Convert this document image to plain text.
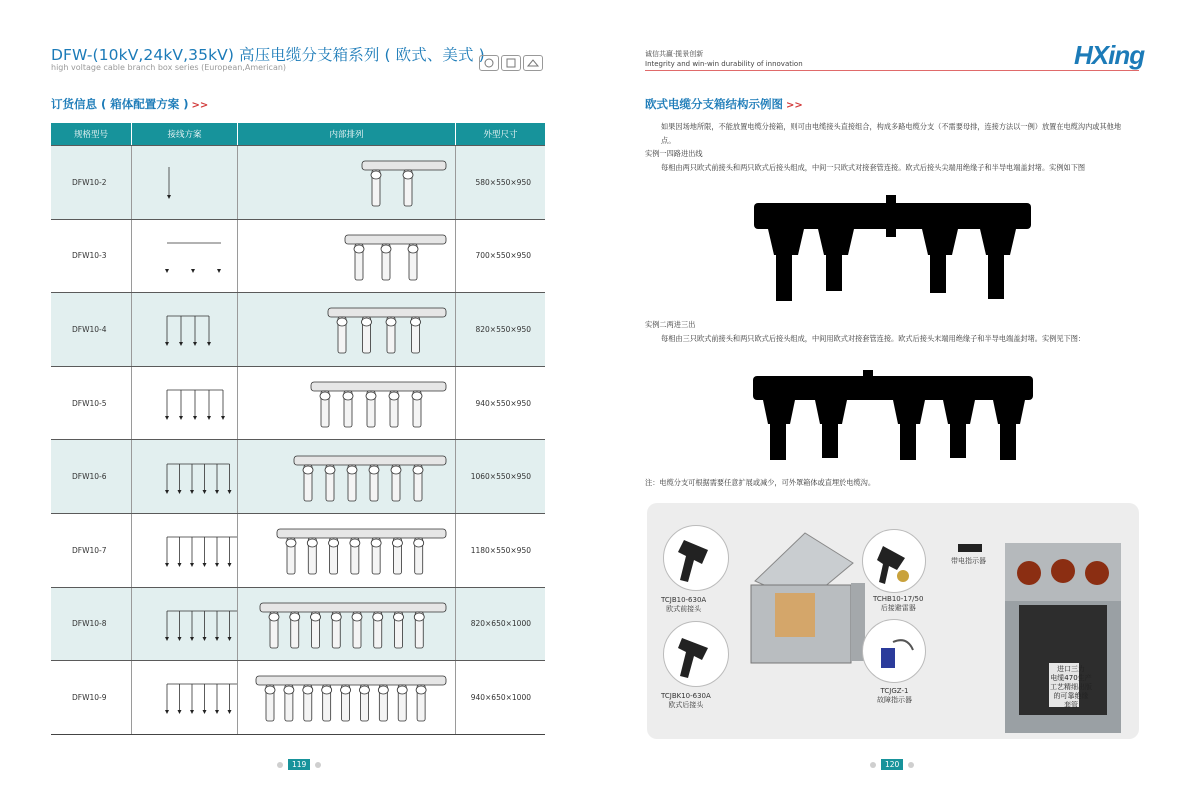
DFW-(10kV,24kV,35kV) 高压电缆分支箱系列 ( 欧式、美式 )
high voltage cable branch box series (European,American)
订货信息 ( 箱体配置方案 ) >>
规格型号	接线方案	内部排列	外型尺寸
DFW10-2	580×550×950
DFW10-3	700×550×950
DFW10-4	820×550×950
DFW10-5	940×550×950
DFW10-6	1060×550×950
DFW10-7	1180×550×950
DFW10-8	820×650×1000
DFW10-9	940×650×1000
119
诚信共赢·揽景创新
Integrity and win-win durability of innovation	HXing
欧式电缆分支箱结构示例图 >>
如果因场地所限，不能放置电缆分接箱，则可由电缆接头直接组合，构成多路电缆分支（不需要母排，连接方法以一例）放置在电缆沟内或其他地点。
实例一四路进出线
每相由两只欧式前接头和两只欧式后接头组成，中间一只欧式对接套管连接。欧式后接头尖端用绝缘子和半导电端盖封堵。实例如下图
实例二两进三出
每相由三只欧式前接头和两只欧式后接头组成，中间用欧式对接套管连接。欧式后接头末端用绝缘子和半导电端盖封堵。实例见下图：
注：电缆分支可根据需要任意扩展或减少，可外罩箱体或直埋於电缆沟。
TCJB10-630A
欧式前接头
TCJBK10-630A
欧式后接头
TCHB10-17/50
后接避雷器
TCJGZ-1
故障指示器
带电指示器
进口三力
电缆470生产
工艺精细出版
的可靠绝缘
套管
120
